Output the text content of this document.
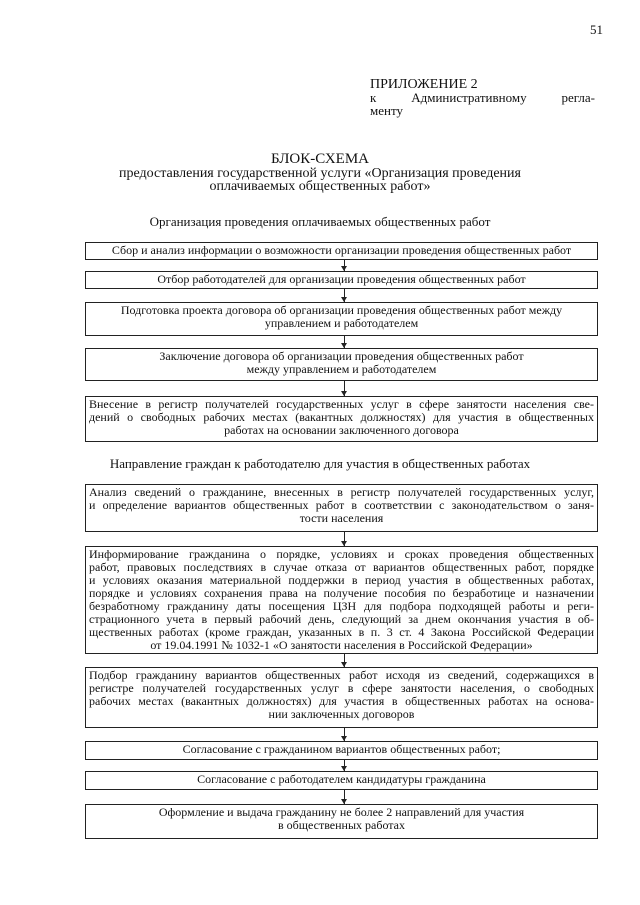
51
ПРИЛОЖЕНИЕ 2
к	Административному	регла-
менту
БЛОК-СХЕМА
предоставления государственной услуги «Организация проведения
оплачиваемых общественных работ»
Организация проведения оплачиваемых общественных работ
Направление граждан к работодателю для участия в общественных работах
Сбор и анализ информации о возможности организации проведения общественных работ
Отбор работодателей для организации проведения общественных работ
Подготовка проекта договора об организации проведения общественных работ между
управлением и работодателем
Заключение договора об организации проведения общественных работ
между управлением и работодателем
Внесение в регистр получателей государственных услуг в сфере занятости населения све-
дений о свободных рабочих местах (вакантных должностях) для участия в общественных
работах на основании заключенного договора
Анализ сведений о гражданине, внесенных в регистр получателей государственных услуг,
и определение вариантов общественных работ в соответствии с законодательством о заня-
тости населения
Информирование гражданина о порядке, условиях и сроках проведения общественных
работ, правовых последствиях в случае отказа от вариантов общественных работ, порядке
и условиях оказания материальной поддержки в период участия в общественных работах,
порядке и условиях сохранения права на получение пособия по безработице и назначении
безработному гражданину даты посещения ЦЗН для подбора подходящей работы и реги-
страционного учета в первый рабочий день, следующий за днем окончания участия в об-
щественных работах (кроме граждан, указанных в п. 3 ст. 4 Закона Российской Федерации
от 19.04.1991 № 1032-1 «О занятости населения в Российской Федерации»
Подбор гражданину вариантов общественных работ исходя из сведений, содержащихся в
регистре получателей государственных услуг в сфере занятости населения, о свободных
рабочих местах (вакантных должностях) для участия в общественных работах на основа-
нии заключенных договоров
Согласование с гражданином вариантов общественных работ;
Согласование с работодателем кандидатуры гражданина
Оформление и выдача гражданину не более 2 направлений для участия
в общественных работах
